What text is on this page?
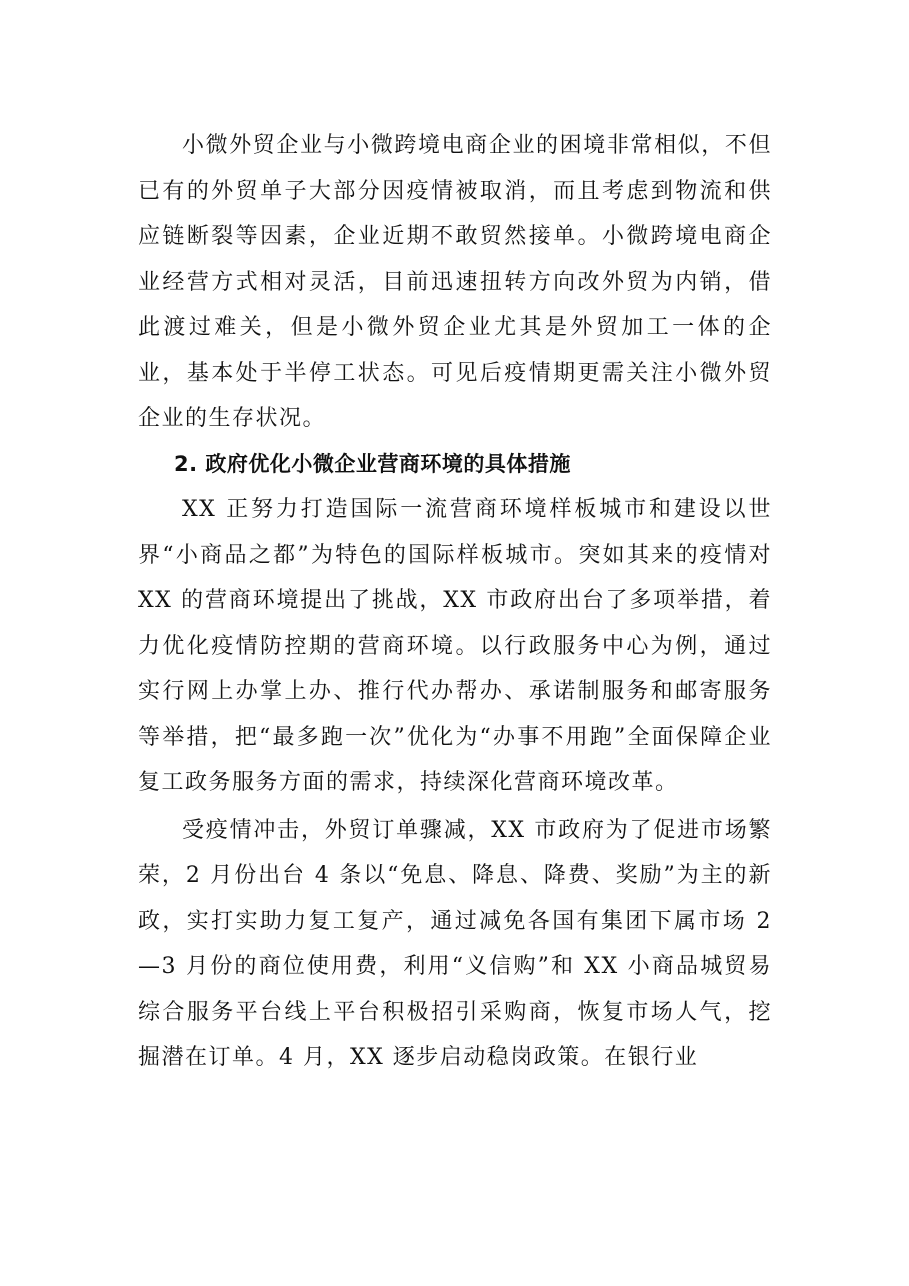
小微外贸企业与小微跨境电商企业的困境非常相似，不但已有的外贸单子大部分因疫情被取消，而且考虑到物流和供应链断裂等因素，企业近期不敢贸然接单。小微跨境电商企业经营方式相对灵活，目前迅速扭转方向改外贸为内销，借此渡过难关，但是小微外贸企业尤其是外贸加工一体的企业，基本处于半停工状态。可见后疫情期更需关注小微外贸企业的生存状况。

2. 政府优化小微企业营商环境的具体措施

XX 正努力打造国际一流营商环境样板城市和建设以世界“小商品之都”为特色的国际样板城市。突如其来的疫情对 XX 的营商环境提出了挑战，XX 市政府出台了多项举措，着力优化疫情防控期的营商环境。以行政服务中心为例，通过实行网上办掌上办、推行代办帮办、承诺制服务和邮寄服务等举措，把“最多跑一次”优化为“办事不用跑”全面保障企业复工政务服务方面的需求，持续深化营商环境改革。

受疫情冲击，外贸订单骤减，XX 市政府为了促进市场繁荣，2 月份出台 4 条以“免息、降息、降费、奖励”为主的新政，实打实助力复工复产，通过减免各国有集团下属市场 2—3 月份的商位使用费，利用“义信购”和 XX 小商品城贸易综合服务平台线上平台积极招引采购商，恢复市场人气，挖掘潜在订单。4 月，XX 逐步启动稳岗政策。在银行业
